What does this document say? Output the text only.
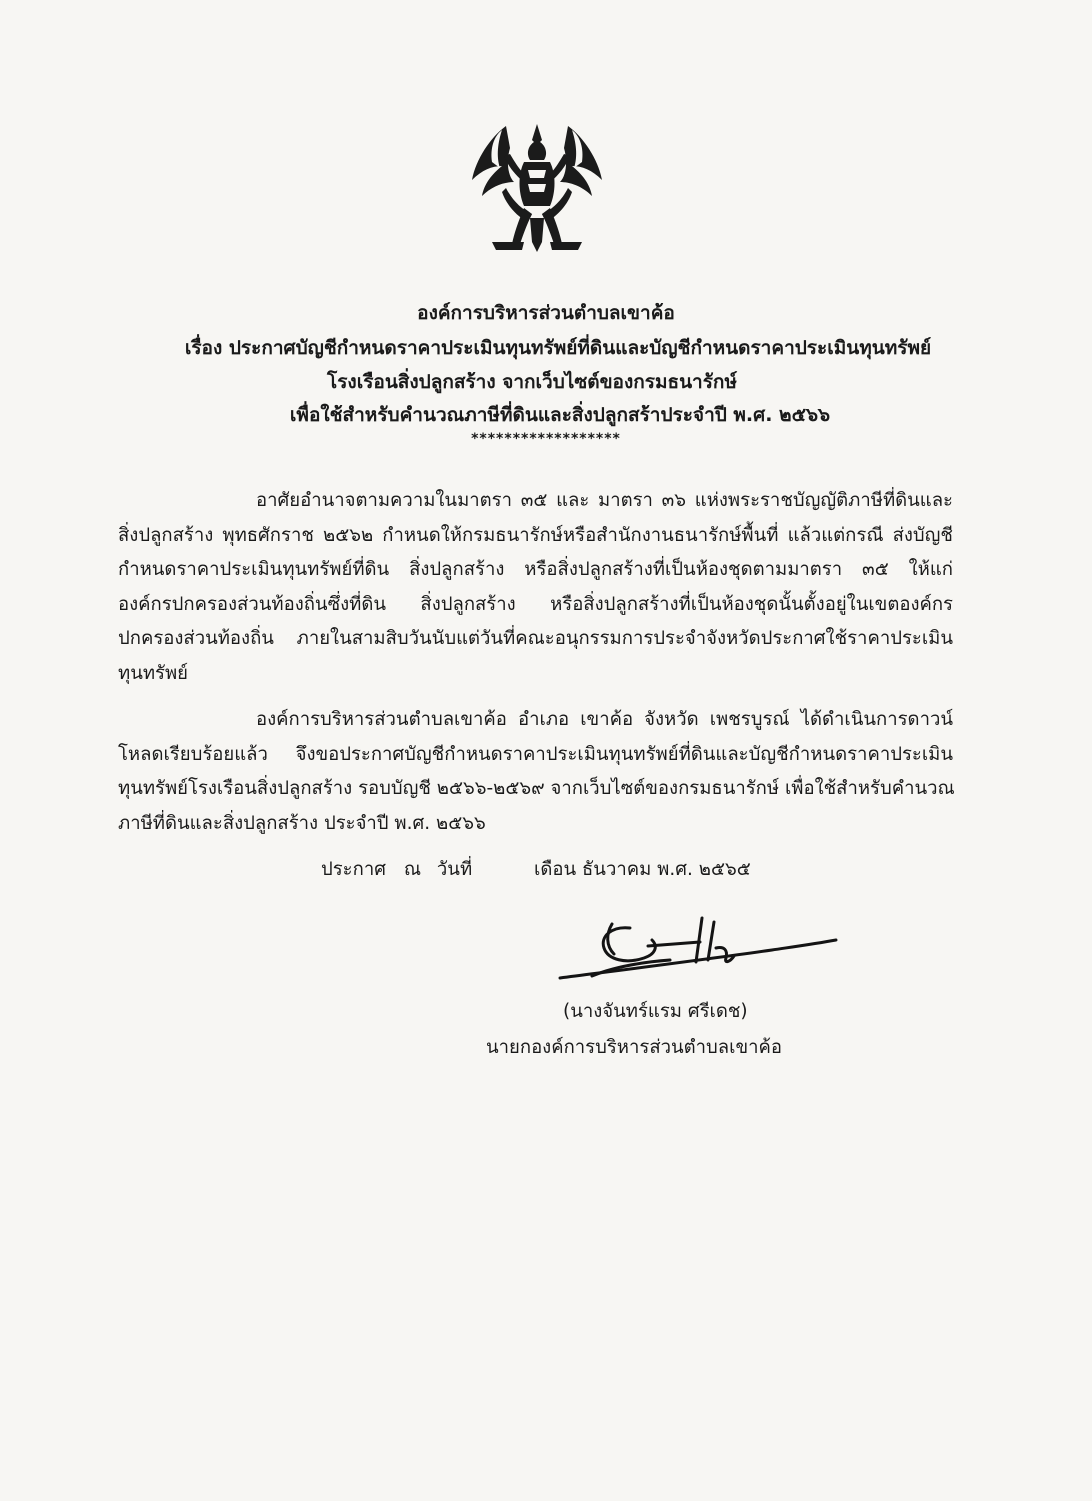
องค์การบริหารส่วนตำบลเขาค้อ
เรื่อง ประกาศบัญชีกำหนดราคาประเมินทุนทรัพย์ที่ดินและบัญชีกำหนดราคาประเมินทุนทรัพย์
โรงเรือนสิ่งปลูกสร้าง จากเว็บไซต์ของกรมธนารักษ์
เพื่อใช้สำหรับคำนวณภาษีที่ดินและสิ่งปลูกสร้าประจำปี พ.ศ. ๒๕๖๖
******************
อาศัยอำนาจตามความในมาตรา ๓๕ และ มาตรา ๓๖ แห่งพระราชบัญญัติภาษีที่ดินและ
สิ่งปลูกสร้าง พุทธศักราช ๒๕๖๒ กำหนดให้กรมธนารักษ์หรือสำนักงานธนารักษ์พื้นที่ แล้วแต่กรณี ส่งบัญชี
กำหนดราคาประเมินทุนทรัพย์ที่ดิน สิ่งปลูกสร้าง หรือสิ่งปลูกสร้างที่เป็นห้องชุดตามมาตรา ๓๕ ให้แก่
องค์กรปกครองส่วนท้องถิ่นซึ่งที่ดิน สิ่งปลูกสร้าง หรือสิ่งปลูกสร้างที่เป็นห้องชุดนั้นตั้งอยู่ในเขตองค์กร
ปกครองส่วนท้องถิ่น ภายในสามสิบวันนับแต่วันที่คณะอนุกรรมการประจำจังหวัดประกาศใช้ราคาประเมิน
ทุนทรัพย์
องค์การบริหารส่วนตำบลเขาค้อ อำเภอ เขาค้อ จังหวัด เพชรบูรณ์ ได้ดำเนินการดาวน์
โหลดเรียบร้อยแล้ว จึงขอประกาศบัญชีกำหนดราคาประเมินทุนทรัพย์ที่ดินและบัญชีกำหนดราคาประเมิน
ทุนทรัพย์โรงเรือนสิ่งปลูกสร้าง รอบบัญชี ๒๕๖๖-๒๕๖๙ จากเว็บไซต์ของกรมธนารักษ์ เพื่อใช้สำหรับคำนวณ
ภาษีที่ดินและสิ่งปลูกสร้าง ประจำปี พ.ศ. ๒๕๖๖
ประกาศ ณ วันที่	เดือน ธันวาคม พ.ศ. ๒๕๖๕
(นางจันทร์แรม ศรีเดช)
นายกองค์การบริหารส่วนตำบลเขาค้อ
